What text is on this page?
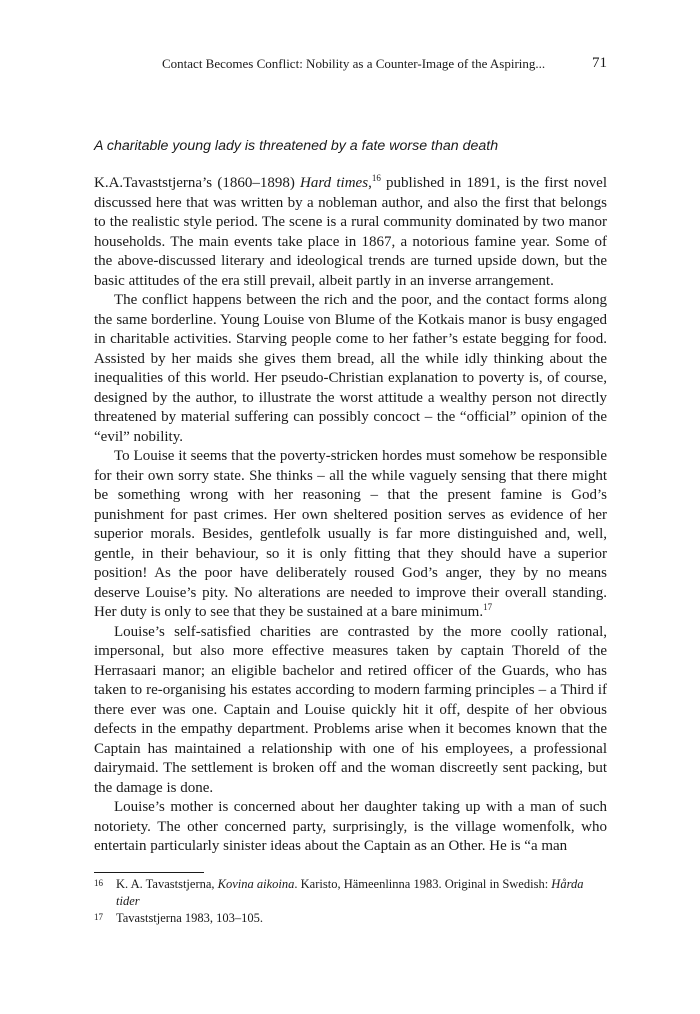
Contact Becomes Conflict: Nobility as a Counter-Image of the Aspiring...	71
A charitable young lady is threatened by a fate worse than death

K.A.Tavaststjerna’s (1860–1898) Hard times,$^{16}$ published in 1891, is the first novel discussed here that was written by a nobleman author, and also the first that belongs to the realistic style period. The scene is a rural community dominated by two manor households. The main events take place in 1867, a notorious famine year. Some of the above-discussed literary and ideological trends are turned upside down, but the basic attitudes of the era still prevail, albeit partly in an inverse arrangement.

The conflict happens between the rich and the poor, and the contact forms along the same borderline. Young Louise von Blume of the Kotkais manor is busy engaged in charitable activities. Starving people come to her father’s estate begging for food. Assisted by her maids she gives them bread, all the while idly thinking about the inequalities of this world. Her pseudo-Christian explanation to poverty is, of course, designed by the author, to illustrate the worst attitude a wealthy person not directly threatened by material suffering can possibly concoct – the “official” opinion of the “evil” nobility.

To Louise it seems that the poverty-stricken hordes must somehow be responsible for their own sorry state. She thinks – all the while vaguely sensing that there might be something wrong with her reasoning – that the present famine is God’s punishment for past crimes. Her own sheltered position serves as evidence of her superior morals. Besides, gentlefolk usually is far more distinguished and, well, gentle, in their behaviour, so it is only fitting that they should have a superior position! As the poor have deliberately roused God’s anger, they by no means deserve Louise’s pity. No alterations are needed to improve their overall standing. Her duty is only to see that they be sustained at a bare minimum.$^{17}$

Louise’s self-satisfied charities are contrasted by the more coolly rational, impersonal, but also more effective measures taken by captain Thoreld of the Herrasaari manor; an eligible bachelor and retired officer of the Guards, who has taken to re-organising his estates according to modern farming principles – a Third if there ever was one. Captain and Louise quickly hit it off, despite of her obvious defects in the empathy department. Problems arise when it becomes known that the Captain has maintained a relationship with one of his employees, a professional dairymaid. The settlement is broken off and the woman discreetly sent packing, but the damage is done.

Louise’s mother is concerned about her daughter taking up with a man of such notoriety. The other concerned party, surprisingly, is the village womenfolk, who entertain particularly sinister ideas about the Captain as an Other. He is “a man

16 K. A. Tavaststjerna, Kovina aikoina. Karisto, Hämeenlinna 1983. Original in Swedish: Hårda tider
17 Tavaststjerna 1983, 103–105.
